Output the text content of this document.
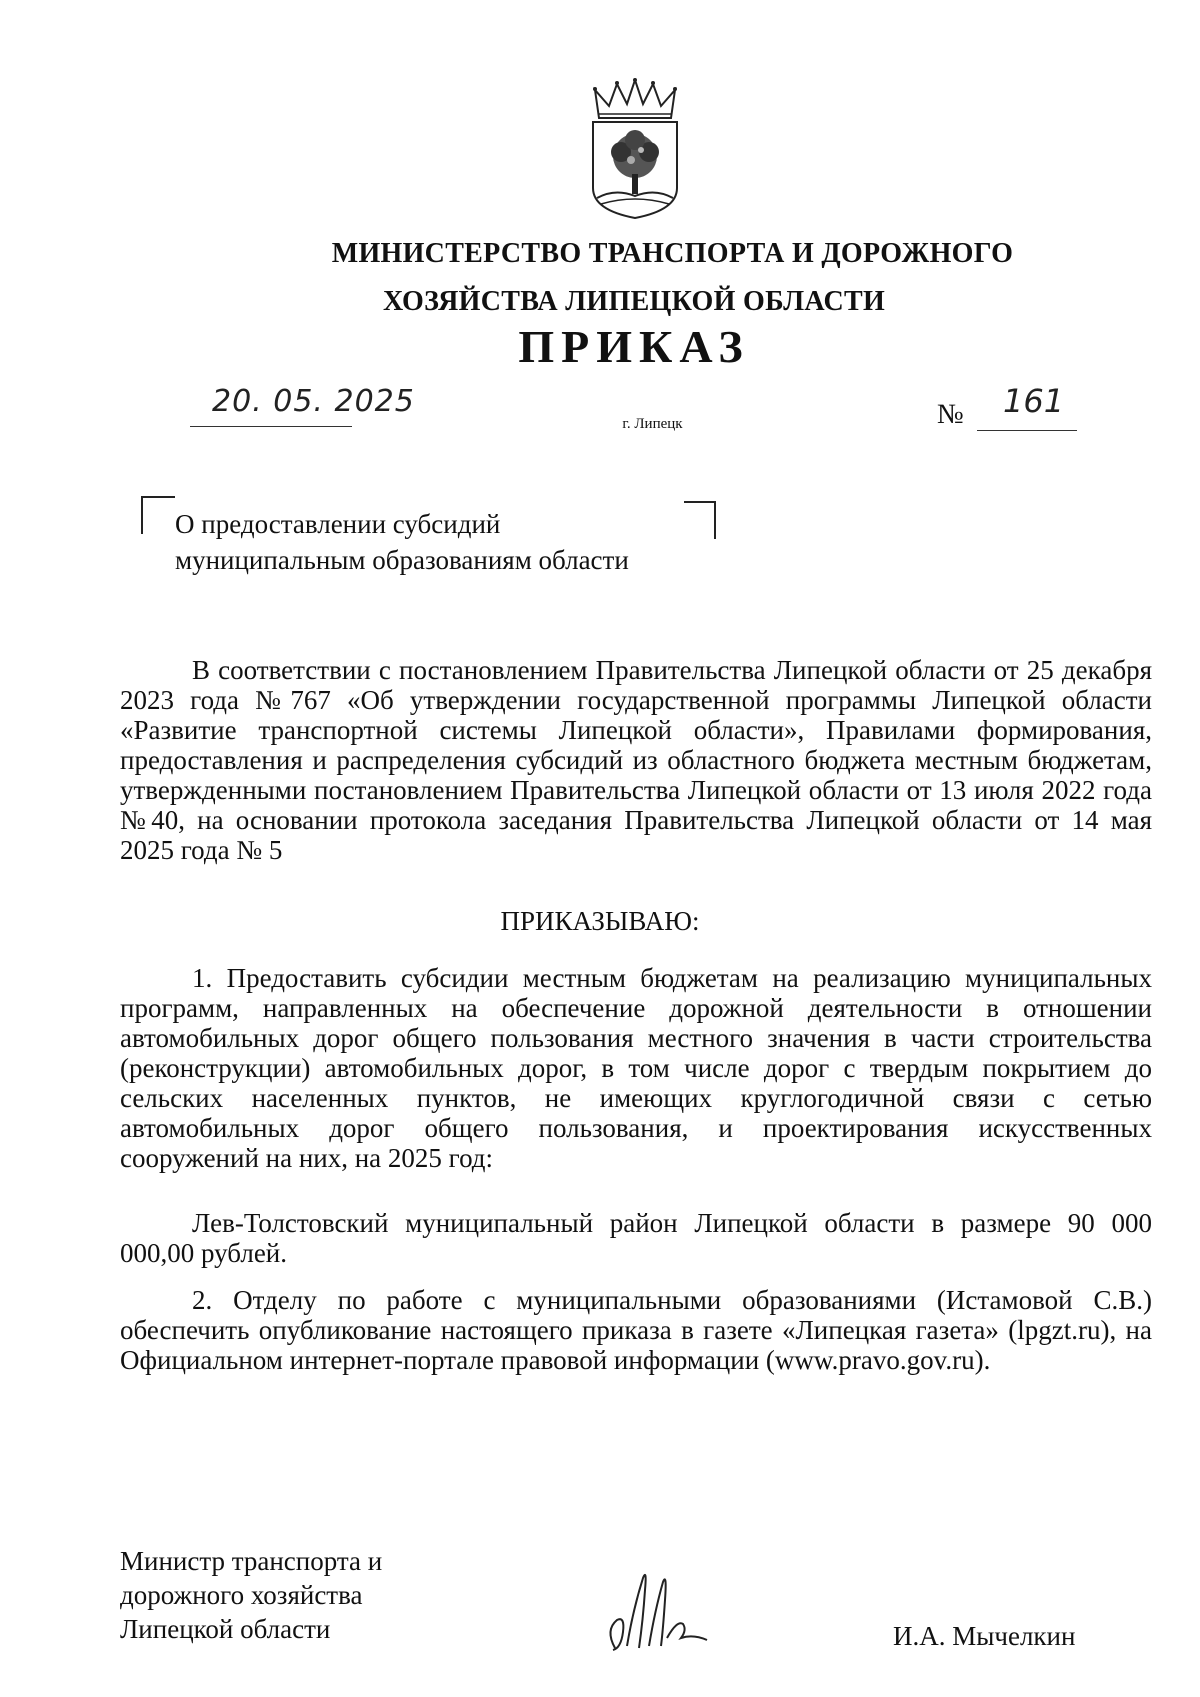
МИНИСТЕРСТВО ТРАНСПОРТА И ДОРОЖНОГО
ХОЗЯЙСТВА ЛИПЕЦКОЙ ОБЛАСТИ
ПРИКАЗ
20. 05. 2025
г. Липецк	№ 161
О предоставлении субсидий
муниципальным образованиям области
В соответствии с постановлением Правительства Липецкой области от 25 декабря 2023 года №767 «Об утверждении государственной программы Липецкой области «Развитие транспортной системы Липецкой области», Правилами формирования, предоставления и распределения субсидий из областного бюджета местным бюджетам, утвержденными постановлением Правительства Липецкой области от 13 июля 2022 года №40, на основании протокола заседания Правительства Липецкой области от 14 мая 2025 года № 5
ПРИКАЗЫВАЮ:
1. Предоставить субсидии местным бюджетам на реализацию муниципальных программ, направленных на обеспечение дорожной деятельности в отношении автомобильных дорог общего пользования местного значения в части строительства (реконструкции) автомобильных дорог, в том числе дорог с твердым покрытием до сельских населенных пунктов, не имеющих круглогодичной связи с сетью автомобильных дорог общего пользования, и проектирования искусственных сооружений на них, на 2025 год:
Лев-Толстовский муниципальный район Липецкой области в размере 90 000 000,00 рублей.
2. Отделу по работе с муниципальными образованиями (Истамовой С.В.) обеспечить опубликование настоящего приказа в газете «Липецкая газета» (lpgzt.ru), на Официальном интернет-портале правовой информации (www.pravo.gov.ru).
Министр транспорта и
дорожного хозяйства
Липецкой области	И.А. Мычелкин
